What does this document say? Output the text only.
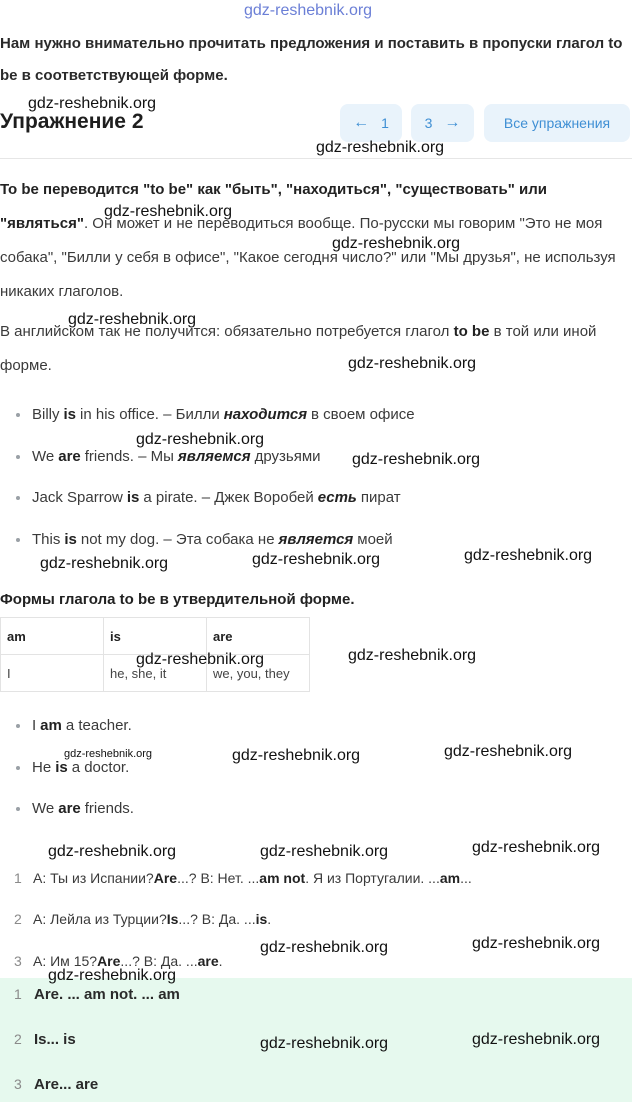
Нам нужно внимательно прочитать предложения и поставить в пропуски глагол to be в соответствующей форме.
Упражнение 2	← 1	3 →	Все упражнения
To be переводится "to be" как "быть", "находиться", "существовать" или "являться". Он может и не переводиться вообще. По-русски мы говорим "Это не моя собака", "Билли у себя в офисе", "Какое сегодня число?" или "Мы друзья", не используя никаких глаголов.
В английском так не получится: обязательно потребуется глагол to be в той или иной форме.
Billy is in his office. – Билли находится в своем офисе
We are friends. – Мы являемся друзьями
Jack Sparrow is a pirate. – Джек Воробей есть пират
This is not my dog. – Эта собака не является моей
Формы глагола to be в утвердительной форме.
am	is	are
I	he, she, it	we, you, they
I am a teacher.
He is a doctor.
We are friends.
1 A: Ты из Испании? Are ...? B: Нет. ... am not . Я из Португалии. ... am ...
2 A: Лейла из Турции? Is ...? B: Да. ... is .
3 A: Им 15? Are ...? B: Да. ... are .
1 Are. ... am not. ... am
2 Is... is
3 Are... are
gdz-reshebnik.org
gdz-reshebnik.org
gdz-reshebnik.org
gdz-reshebnik.org
gdz-reshebnik.org
gdz-reshebnik.org
gdz-reshebnik.org
gdz-reshebnik.org
gdz-reshebnik.org
gdz-reshebnik.org
gdz-reshebnik.org
gdz-reshebnik.org
gdz-reshebnik.org	gdz-reshebnik.org
gdz-reshebnik.org	gdz-reshebnik.org	gdz-reshebnik.org
gdz-reshebnik.org	gdz-reshebnik.org	gdz-reshebnik.org
gdz-reshebnik.org	gdz-reshebnik.org
gdz-reshebnik.org
gdz-reshebnik.org	gdz-reshebnik.org
